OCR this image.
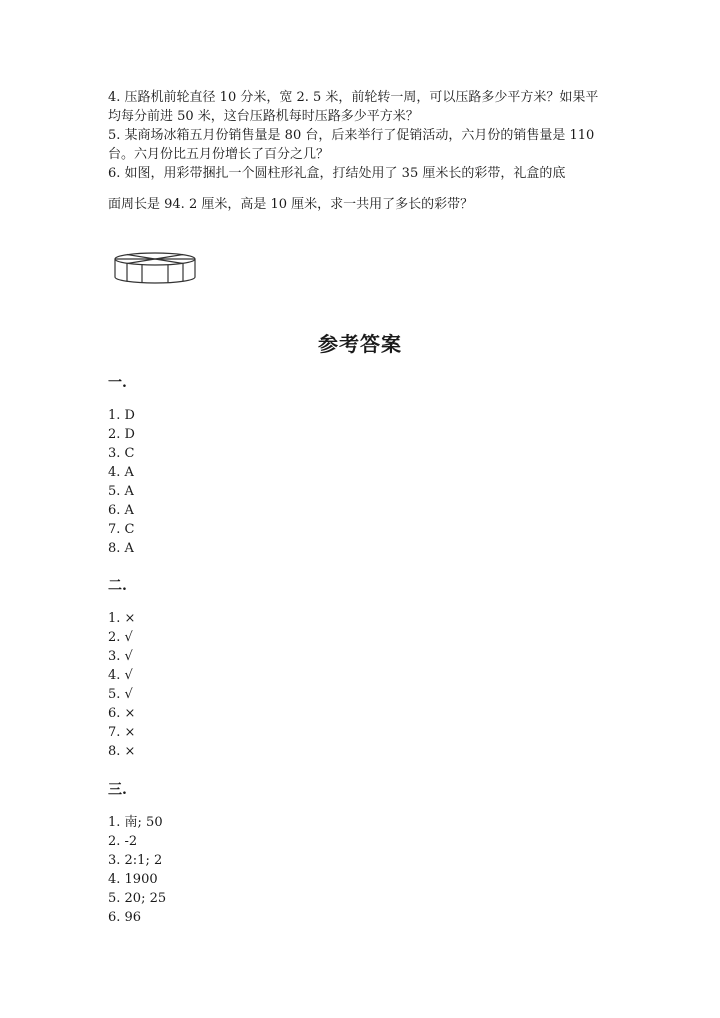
4. 压路机前轮直径 10 分米，宽 2. 5 米，前轮转一周，可以压路多少平方米？如果平均每分前进 50 米，这台压路机每时压路多少平方米？

5. 某商场冰箱五月份销售量是 80 台，后来举行了促销活动，六月份的销售量是 110 台。六月份比五月份增长了百分之几？

6. 如图，用彩带捆扎一个圆柱形礼盒，打结处用了 35 厘米长的彩带，礼盒的底

面周长是 94. 2 厘米，高是 10 厘米，求一共用了多长的彩带？

参考答案
一.
1. D
2. D
3. C
4. A
5. A
6. A
7. C
8. A
二.
1. ×
2. √
3. √
4. √
5. √
6. ×
7. ×
8. ×
三.
1. 南; 50
2. -2
3. 2:1; 2
4. 1900
5. 20; 25
6. 96
